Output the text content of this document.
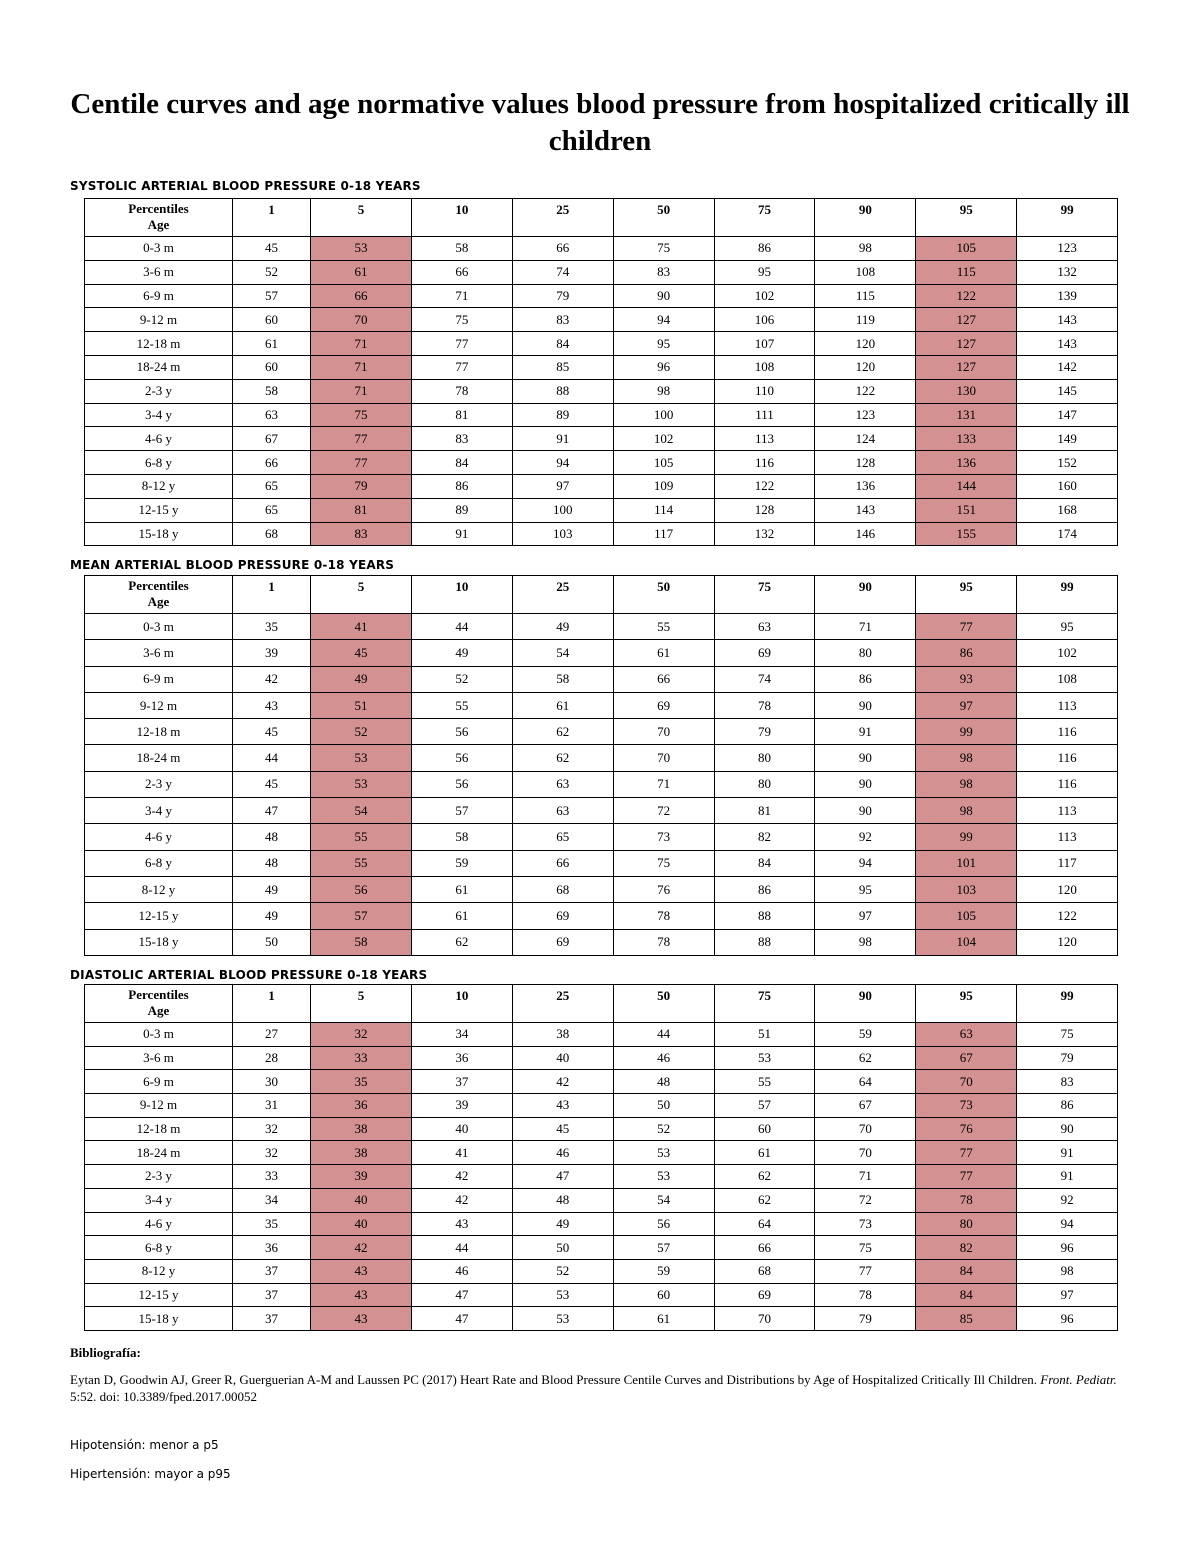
Centile curves and age normative values blood pressure from hospitalized critically ill children
SYSTOLIC ARTERIAL BLOOD PRESSURE 0-18 YEARS
Percentiles
Age	1	5	10	25	50	75	90	95	99
0-3 m	45	53	58	66	75	86	98	105	123
3-6 m	52	61	66	74	83	95	108	115	132
6-9 m	57	66	71	79	90	102	115	122	139
9-12 m	60	70	75	83	94	106	119	127	143
12-18 m	61	71	77	84	95	107	120	127	143
18-24 m	60	71	77	85	96	108	120	127	142
2-3 y	58	71	78	88	98	110	122	130	145
3-4 y	63	75	81	89	100	111	123	131	147
4-6 y	67	77	83	91	102	113	124	133	149
6-8 y	66	77	84	94	105	116	128	136	152
8-12 y	65	79	86	97	109	122	136	144	160
12-15 y	65	81	89	100	114	128	143	151	168
15-18 y	68	83	91	103	117	132	146	155	174
MEAN ARTERIAL BLOOD PRESSURE 0-18 YEARS
Percentiles
Age	1	5	10	25	50	75	90	95	99
0-3 m	35	41	44	49	55	63	71	77	95
3-6 m	39	45	49	54	61	69	80	86	102
6-9 m	42	49	52	58	66	74	86	93	108
9-12 m	43	51	55	61	69	78	90	97	113
12-18 m	45	52	56	62	70	79	91	99	116
18-24 m	44	53	56	62	70	80	90	98	116
2-3 y	45	53	56	63	71	80	90	98	116
3-4 y	47	54	57	63	72	81	90	98	113
4-6 y	48	55	58	65	73	82	92	99	113
6-8 y	48	55	59	66	75	84	94	101	117
8-12 y	49	56	61	68	76	86	95	103	120
12-15 y	49	57	61	69	78	88	97	105	122
15-18 y	50	58	62	69	78	88	98	104	120
DIASTOLIC ARTERIAL BLOOD PRESSURE 0-18 YEARS
Percentiles
Age	1	5	10	25	50	75	90	95	99
0-3 m	27	32	34	38	44	51	59	63	75
3-6 m	28	33	36	40	46	53	62	67	79
6-9 m	30	35	37	42	48	55	64	70	83
9-12 m	31	36	39	43	50	57	67	73	86
12-18 m	32	38	40	45	52	60	70	76	90
18-24 m	32	38	41	46	53	61	70	77	91
2-3 y	33	39	42	47	53	62	71	77	91
3-4 y	34	40	42	48	54	62	72	78	92
4-6 y	35	40	43	49	56	64	73	80	94
6-8 y	36	42	44	50	57	66	75	82	96
8-12 y	37	43	46	52	59	68	77	84	98
12-15 y	37	43	47	53	60	69	78	84	97
15-18 y	37	43	47	53	61	70	79	85	96
Bibliografía:
Eytan D, Goodwin AJ, Greer R, Guerguerian A-M and Laussen PC (2017) Heart Rate and Blood Pressure Centile Curves and Distributions by Age of Hospitalized Critically Ill Children. Front. Pediatr. 5:52. doi: 10.3389/fped.2017.00052
Hipotensión: menor a p5
Hipertensión: mayor a p95
